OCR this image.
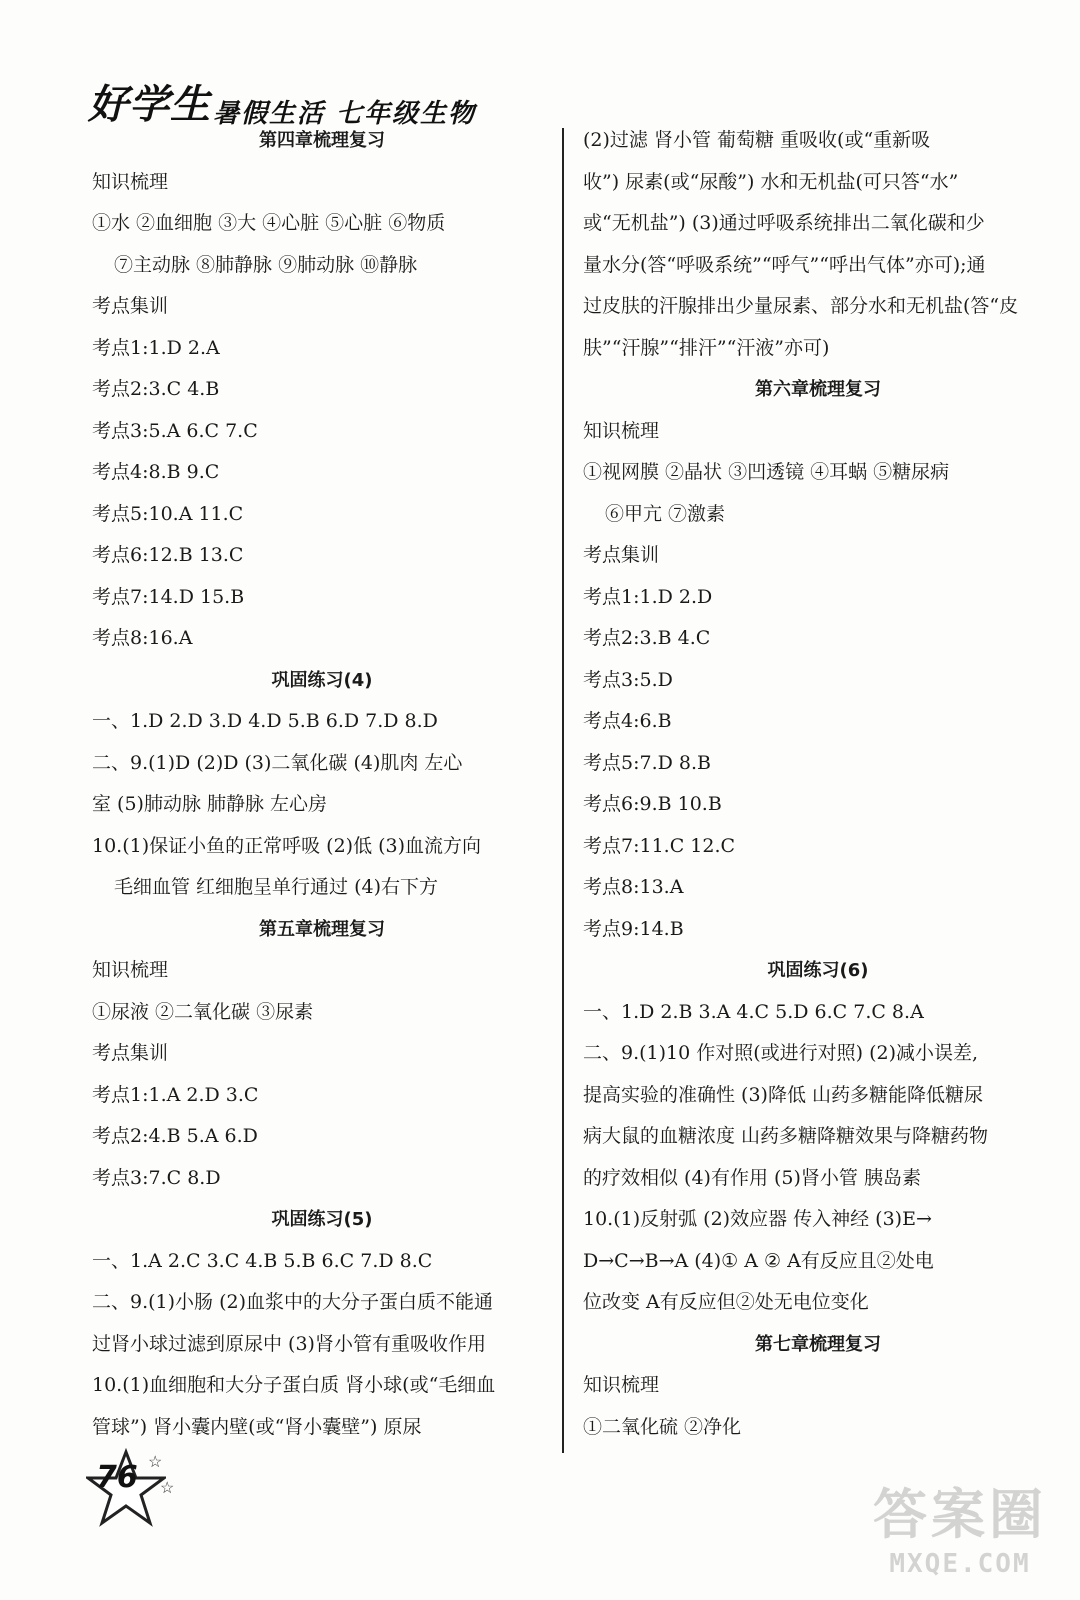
好学生 暑假生活 七年级生物
第四章梳理复习
知识梳理
①水 ②血细胞 ③大 ④心脏 ⑤心脏 ⑥物质
⑦主动脉 ⑧肺静脉 ⑨肺动脉 ⑩静脉
考点集训
考点1:1.D 2.A
考点2:3.C 4.B
考点3:5.A 6.C 7.C
考点4:8.B 9.C
考点5:10.A 11.C
考点6:12.B 13.C
考点7:14.D 15.B
考点8:16.A
巩固练习(4)
一、1.D 2.D 3.D 4.D 5.B 6.D 7.D 8.D
二、9.(1)D (2)D (3)二氧化碳 (4)肌肉 左心
室 (5)肺动脉 肺静脉 左心房
10.(1)保证小鱼的正常呼吸 (2)低 (3)血流方向
毛细血管 红细胞呈单行通过 (4)右下方
第五章梳理复习
知识梳理
①尿液 ②二氧化碳 ③尿素
考点集训
考点1:1.A 2.D 3.C
考点2:4.B 5.A 6.D
考点3:7.C 8.D
巩固练习(5)
一、1.A 2.C 3.C 4.B 5.B 6.C 7.D 8.C
二、9.(1)小肠 (2)血浆中的大分子蛋白质不能通
过肾小球过滤到原尿中 (3)肾小管有重吸收作用
10.(1)血细胞和大分子蛋白质 肾小球(或“毛细血
管球”) 肾小囊内壁(或“肾小囊壁”) 原尿
(2)过滤 肾小管 葡萄糖 重吸收(或“重新吸
收”) 尿素(或“尿酸”) 水和无机盐(可只答“水”
或“无机盐”) (3)通过呼吸系统排出二氧化碳和少
量水分(答“呼吸系统”“呼气”“呼出气体”亦可);通
过皮肤的汗腺排出少量尿素、部分水和无机盐(答“皮
肤”“汗腺”“排汗”“汗液”亦可)
第六章梳理复习
知识梳理
①视网膜 ②晶状 ③凹透镜 ④耳蜗 ⑤糖尿病
⑥甲亢 ⑦激素
考点集训
考点1:1.D 2.D
考点2:3.B 4.C
考点3:5.D
考点4:6.B
考点5:7.D 8.B
考点6:9.B 10.B
考点7:11.C 12.C
考点8:13.A
考点9:14.B
巩固练习(6)
一、1.D 2.B 3.A 4.C 5.D 6.C 7.C 8.A
二、9.(1)10 作对照(或进行对照) (2)减小误差,
提高实验的准确性 (3)降低 山药多糖能降低糖尿
病大鼠的血糖浓度 山药多糖降糖效果与降糖药物
的疗效相似 (4)有作用 (5)肾小管 胰岛素
10.(1)反射弧 (2)效应器 传入神经 (3)E→
D→C→B→A (4)① A ② A有反应且②处电
位改变 A有反应但②处无电位变化
第七章梳理复习
知识梳理
①二氧化硫 ②净化
76 ☆
☆	答案圈
MXQE.COM
